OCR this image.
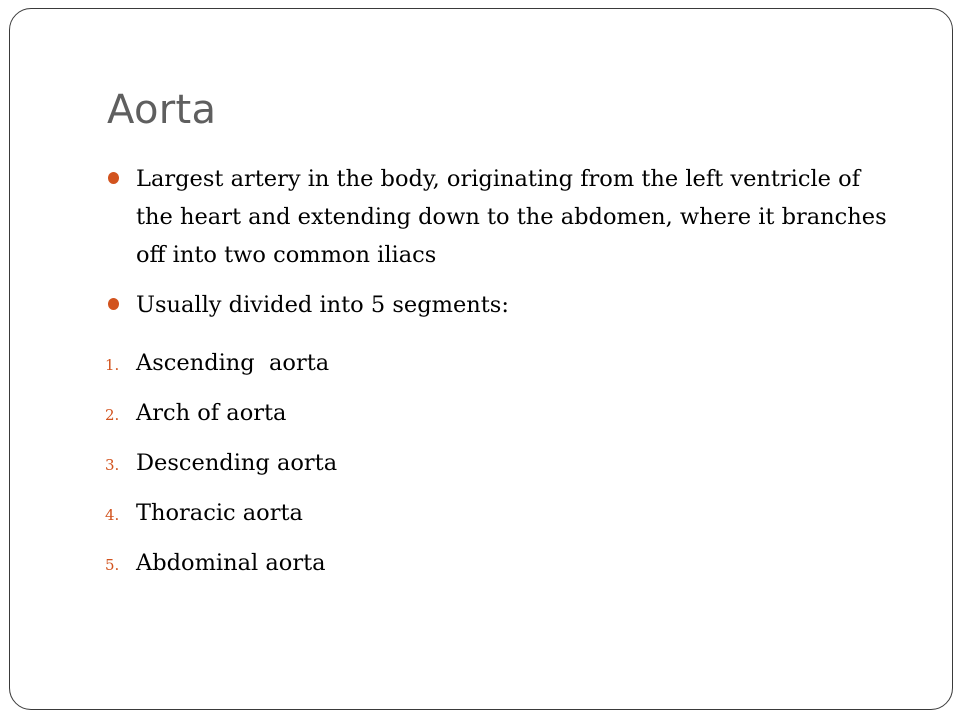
Aorta
Largest artery in the body, originating from the left ventricle of the heart and extending down to the abdomen, where it branches off into two common iliacs
Usually divided into 5 segments:
1. Ascending  aorta
2. Arch of aorta
3. Descending aorta
4. Thoracic aorta
5. Abdominal aorta
